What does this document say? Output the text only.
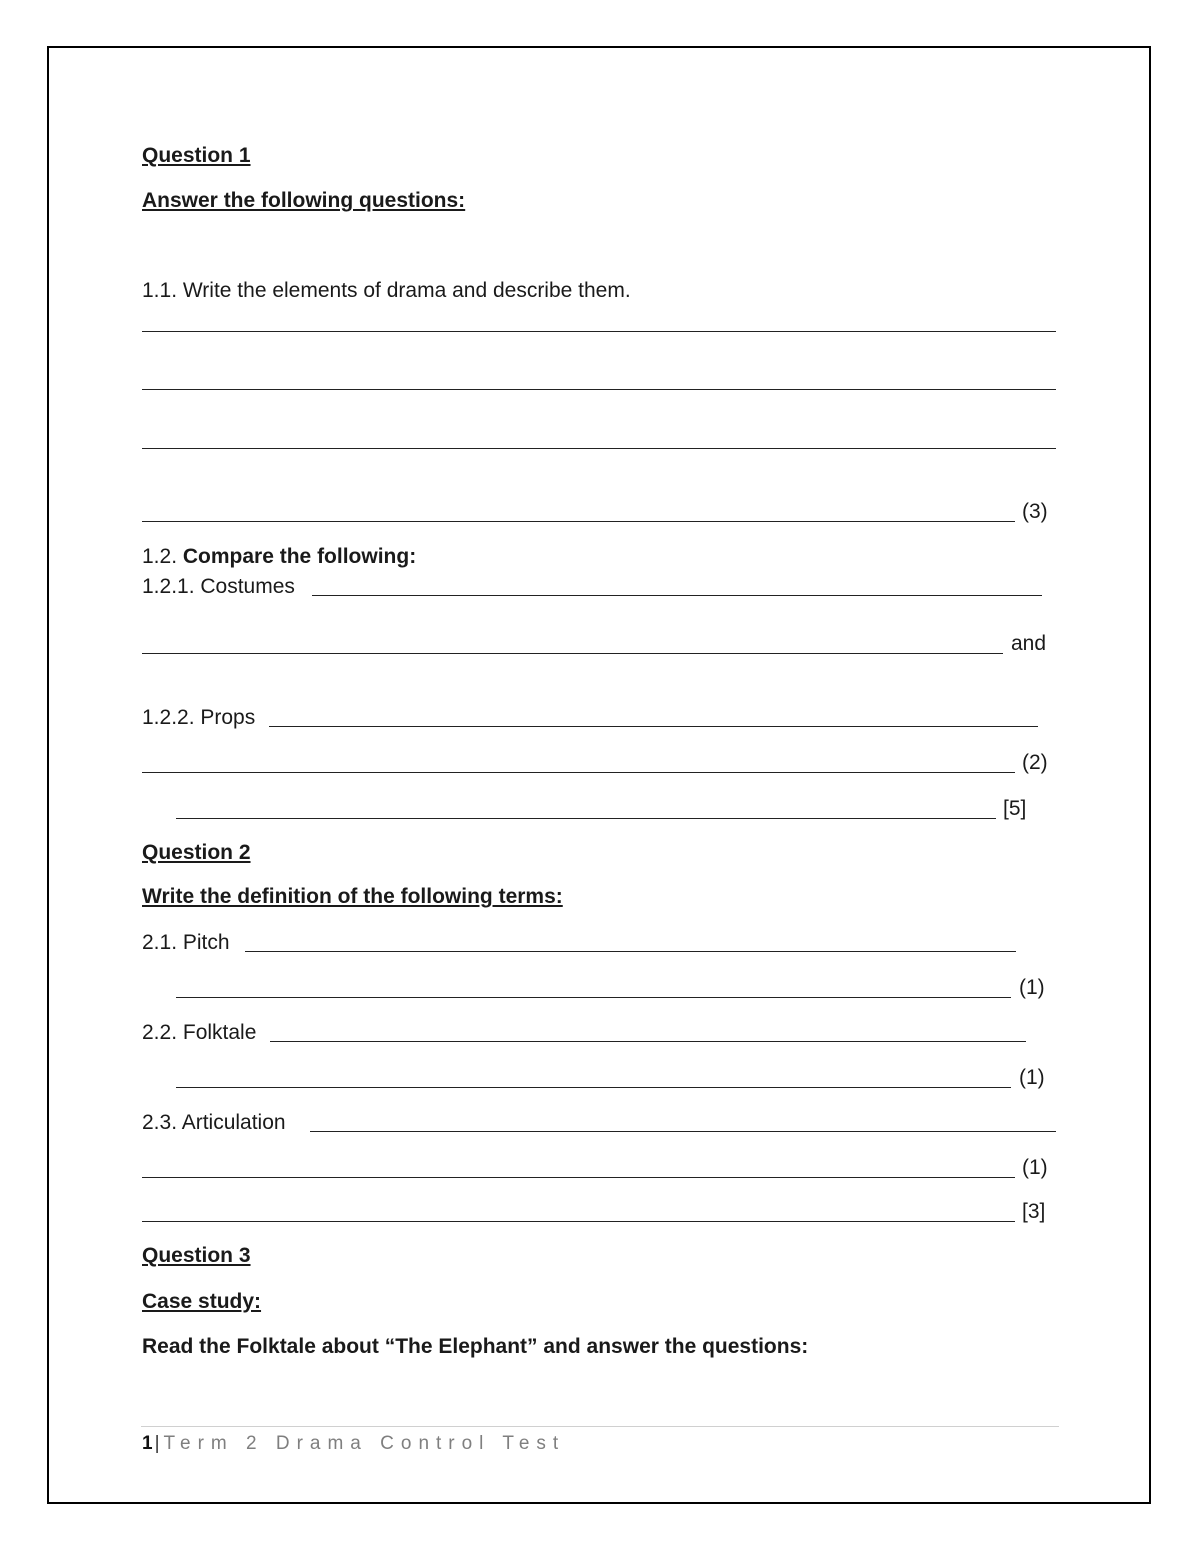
Question 1
Answer the following questions:
1.1. Write the elements of drama and describe them.
(3)
1.2. Compare the following:
1.2.1. Costumes
and
1.2.2. Props
(2)
[5]
Question 2
Write the definition of the following terms:
2.1. Pitch
(1)
2.2. Folktale
(1)
2.3. Articulation
(1)
[3]
Question 3
Case study:
Read the Folktale about “The Elephant” and answer the questions:
1 | Term 2 Drama Control Test
